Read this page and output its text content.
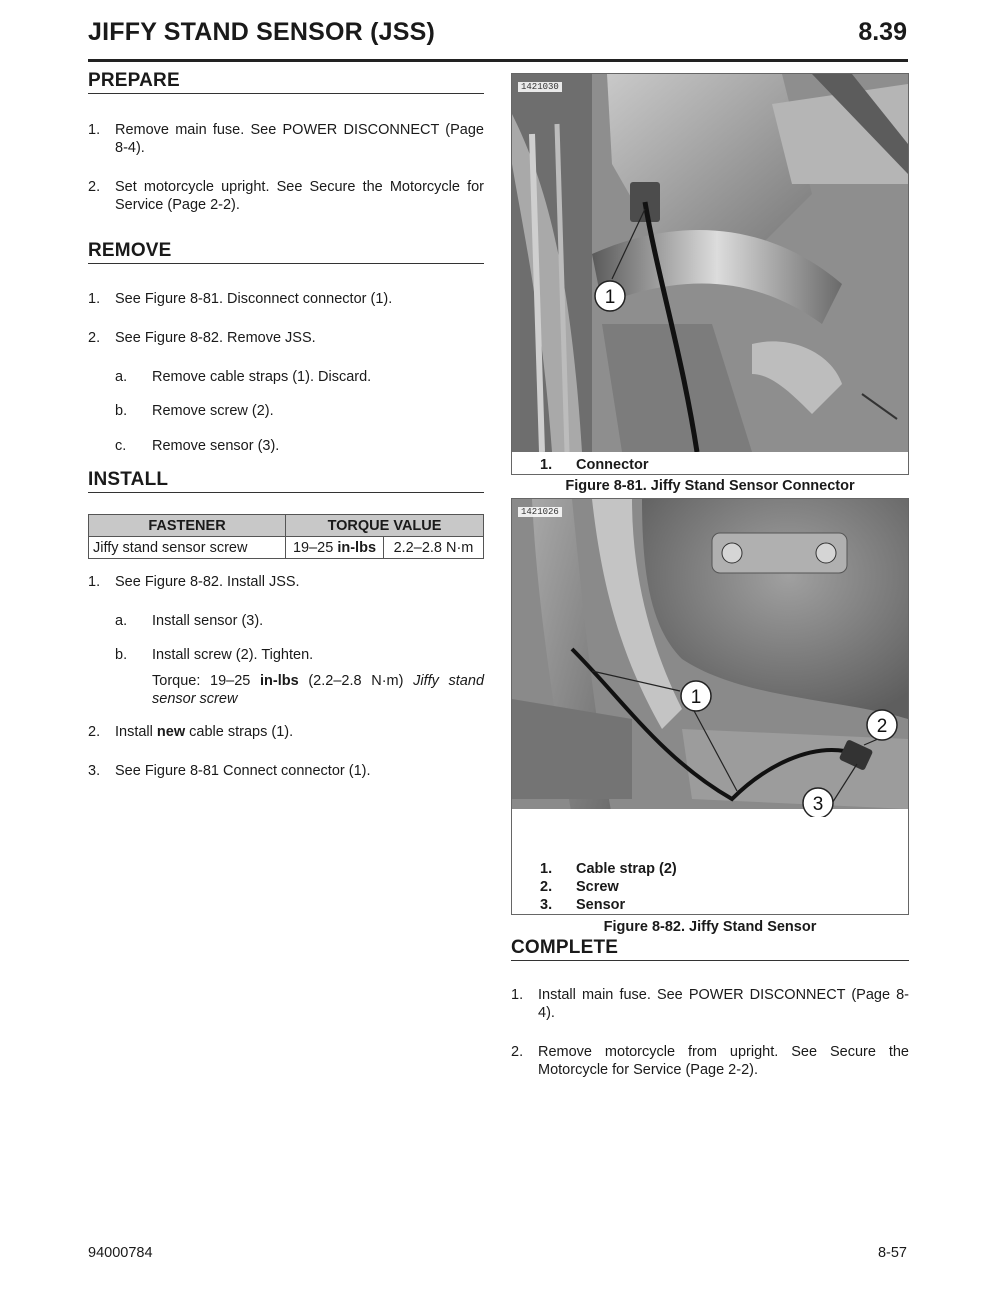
JIFFY STAND SENSOR (JSS)	8.39
PREPARE
1. Remove main fuse. See POWER DISCONNECT (Page 8-4).
2. Set motorcycle upright. See Secure the Motorcycle for Service (Page 2-2).
REMOVE
1. See Figure 8-81. Disconnect connector (1).
2. See Figure 8-82. Remove JSS.
a. Remove cable straps (1). Discard.
b. Remove screw (2).
c. Remove sensor (3).
INSTALL
FASTENER	TORQUE VALUE	
Jiffy stand sensor screw	19–25 in-lbs	2.2–2.8 N·m
1. See Figure 8-82. Install JSS.
a. Install sensor (3).
b. Install screw (2). Tighten.
Torque: 19–25 in-lbs (2.2–2.8 N·m) Jiffy stand sensor screw
2. Install new cable straps (1).
3. See Figure 8-81 Connect connector (1).
1
1421030
1. Connector
Figure 8-81. Jiffy Stand Sensor Connector
1
2
3
1421026
1. Cable strap (2)
2. Screw
3. Sensor
Figure 8-82. Jiffy Stand Sensor
COMPLETE
1. Install main fuse. See POWER DISCONNECT (Page 8-4).
2. Remove motorcycle from upright. See Secure the Motorcycle for Service (Page 2-2).
94000784	8-57
